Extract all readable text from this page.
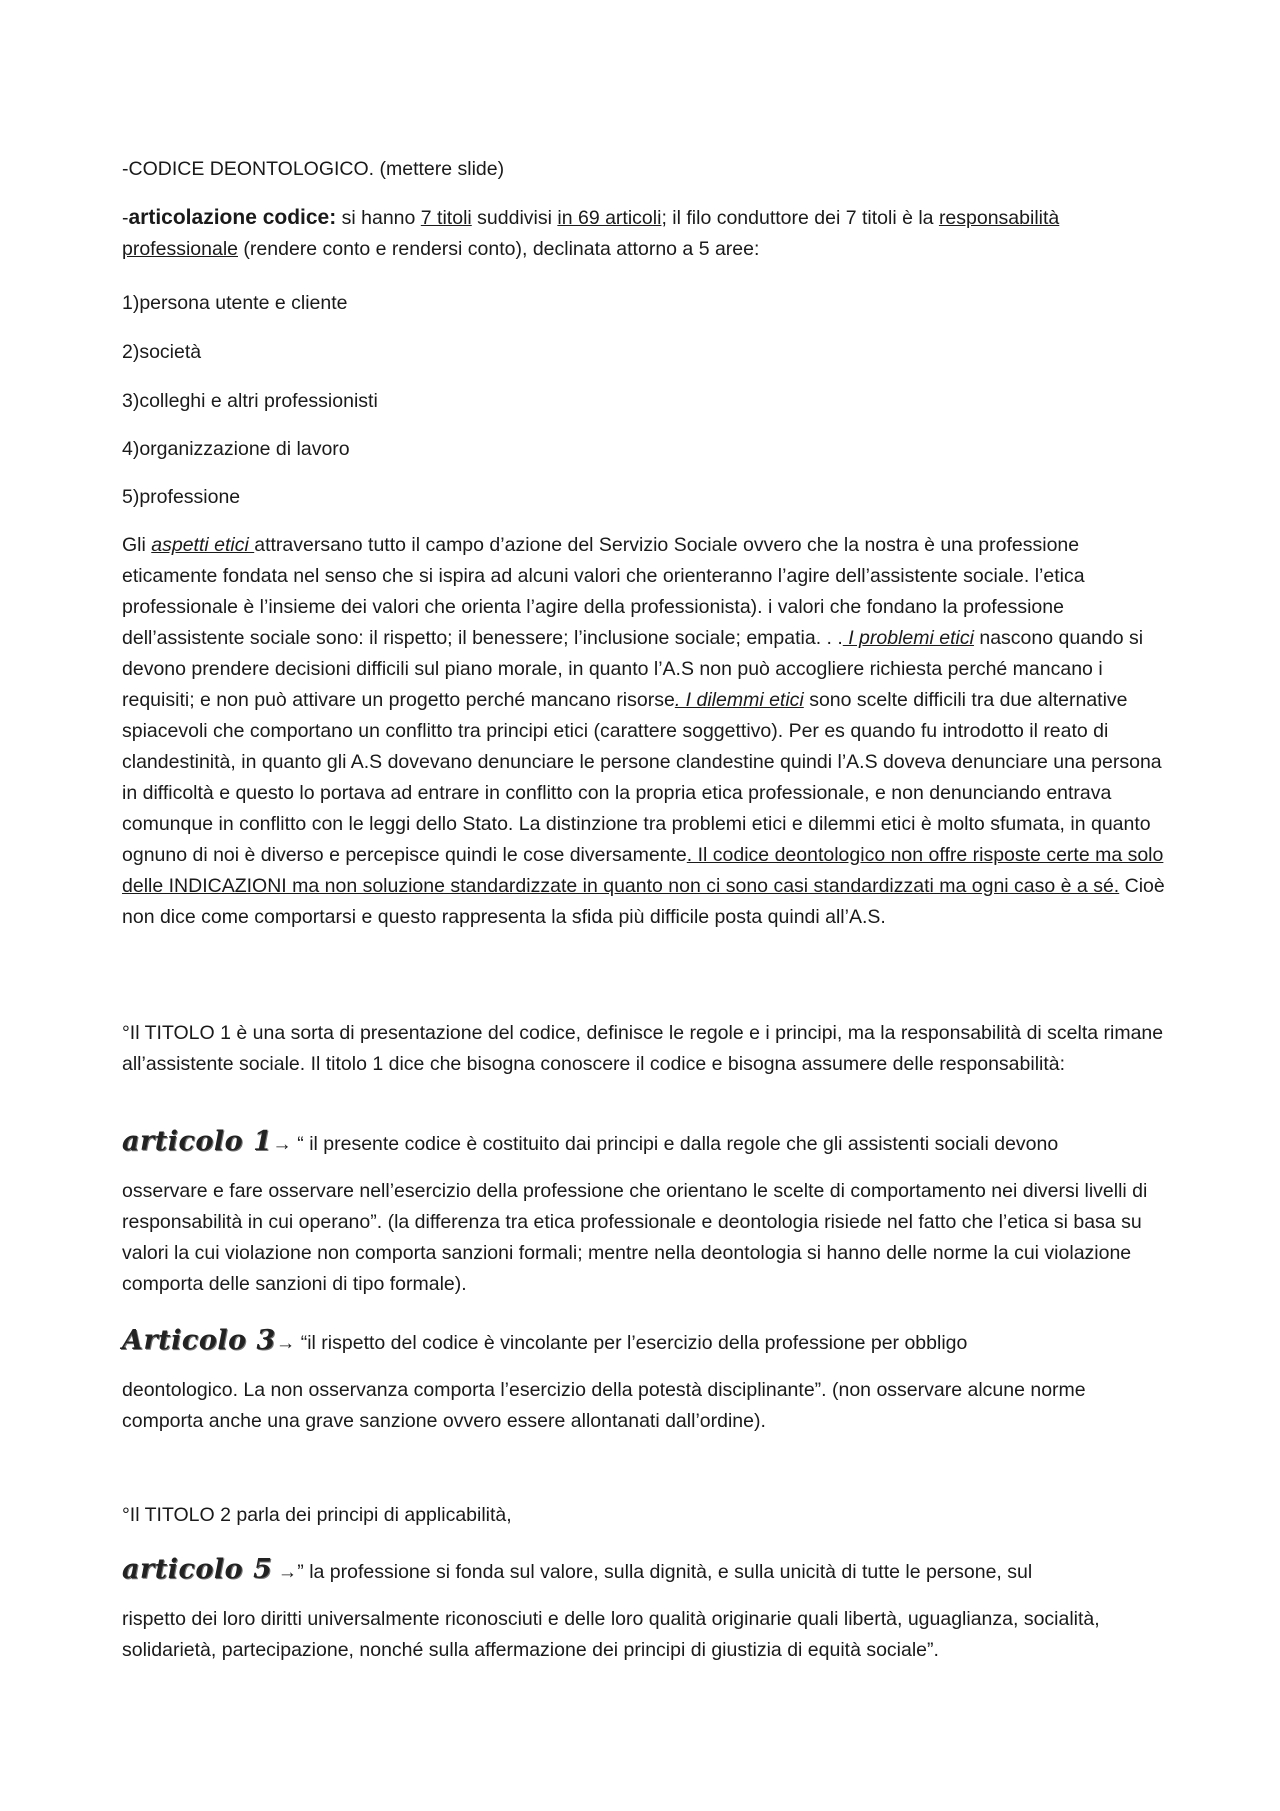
-CODICE DEONTOLOGICO. (mettere slide)

-articolazione codice: si hanno 7 titoli suddivisi in 69 articoli; il filo conduttore dei 7 titoli è la responsabilità professionale (rendere conto e rendersi conto), declinata attorno a 5 aree:

1)persona utente e cliente

2)società

3)colleghi e altri professionisti

4)organizzazione di lavoro

5)professione

Gli aspetti etici attraversano tutto il campo d’azione del Servizio Sociale ovvero che la nostra è una professione eticamente fondata nel senso che si ispira ad alcuni valori che orienteranno l’agire dell’assistente sociale. l’etica professionale è l’insieme dei valori che orienta l’agire della professionista). i valori che fondano la professione dell’assistente sociale sono: il rispetto; il benessere; l’inclusione sociale; empatia. . . I problemi etici nascono quando si devono prendere decisioni difficili sul piano morale, in quanto l’A.S non può accogliere richiesta perché mancano i requisiti; e non può attivare un progetto perché mancano risorse. I dilemmi etici sono scelte difficili tra due alternative spiacevoli che comportano un conflitto tra principi etici (carattere soggettivo). Per es quando fu introdotto il reato di clandestinità, in quanto gli A.S dovevano denunciare le persone clandestine quindi l’A.S doveva denunciare una persona in difficoltà e questo lo portava ad entrare in conflitto con la propria etica professionale, e non denunciando entrava comunque in conflitto con le leggi dello Stato. La distinzione tra problemi etici e dilemmi etici è molto sfumata, in quanto ognuno di noi è diverso e percepisce quindi le cose diversamente. Il codice deontologico non offre risposte certe ma solo delle INDICAZIONI ma non soluzione standardizzate in quanto non ci sono casi standardizzati ma ogni caso è a sé. Cioè non dice come comportarsi e questo rappresenta la sfida più difficile posta quindi all’A.S.

°Il TITOLO 1 è una sorta di presentazione del codice, definisce le regole e i principi, ma la responsabilità di scelta rimane all’assistente sociale. Il titolo 1 dice che bisogna conoscere il codice e bisogna assumere delle responsabilità:

articolo 1→ “ il presente codice è costituito dai principi e dalla regole che gli assistenti sociali devono

osservare e fare osservare nell’esercizio della professione che orientano le scelte di comportamento nei diversi livelli di responsabilità in cui operano”. (la differenza tra etica professionale e deontologia risiede nel fatto che l’etica si basa su valori la cui violazione non comporta sanzioni formali; mentre nella deontologia si hanno delle norme la cui violazione comporta delle sanzioni di tipo formale).

Articolo 3→ “il rispetto del codice è vincolante per l’esercizio della professione per obbligo

deontologico. La non osservanza comporta l’esercizio della potestà disciplinante”. (non osservare alcune norme comporta anche una grave sanzione ovvero essere allontanati dall’ordine).

°Il TITOLO 2 parla dei principi di applicabilità,

articolo 5 →” la professione si fonda sul valore, sulla dignità, e sulla unicità di tutte le persone, sul

rispetto dei loro diritti universalmente riconosciuti e delle loro qualità originarie quali libertà, uguaglianza, socialità, solidarietà, partecipazione, nonché sulla affermazione dei principi di giustizia di equità sociale”.
